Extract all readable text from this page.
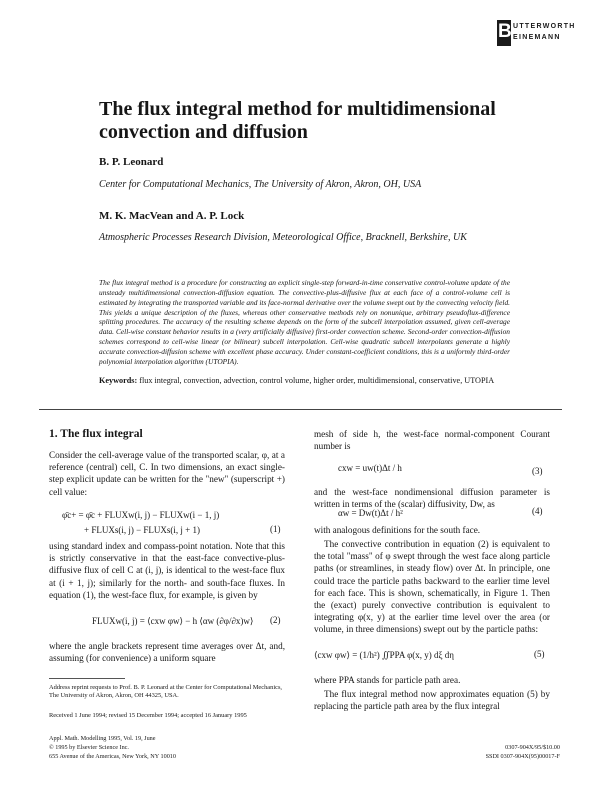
BH
UTTERWORTH
EINEMANN
The flux integral method for multidimensional convection and diffusion
B. P. Leonard
Center for Computational Mechanics, The University of Akron, Akron, OH, USA
M. K. MacVean and A. P. Lock
Atmospheric Processes Research Division, Meteorological Office, Bracknell, Berkshire, UK
The flux integral method is a procedure for constructing an explicit single-step forward-in-time conservative control-volume update of the unsteady multidimensional convection-diffusion equation. The convective-plus-diffusive flux at each face of a control-volume cell is estimated by integrating the transported variable and its face-normal derivative over the volume swept out by the convecting velocity field. This yields a unique description of the fluxes, whereas other conservative methods rely on nonunique, arbitrary pseudoflux-difference splitting procedures. The accuracy of the resulting scheme depends on the form of the subcell interpolation assumed, given cell-average data. Cell-wise constant behavior results in a (very artificially diffusive) first-order convection scheme. Second-order convection-diffusion schemes correspond to cell-wise linear (or bilinear) subcell interpolation. Cell-wise quadratic subcell interpolants generate a highly accurate convection-diffusion scheme with excellent phase accuracy. Under constant-coefficient conditions, this is a uniformly third-order polynomial interpolation algorithm (UTOPIA).
Keywords: flux integral, convection, advection, control volume, higher order, multidimensional, conservative, UTOPIA
1. The flux integral
Consider the cell-average value of the transported scalar, φ, at a reference (central) cell, C. In two dimensions, an exact single-step explicit update can be written for the "new" (superscript +) cell value:
φ̄c+ = φ̄c + FLUXw(i, j) − FLUXw(i − 1, j)
+ FLUXs(i, j) − FLUXs(i, j + 1)	(1)
using standard index and compass-point notation. Note that this is strictly conservative in that the east-face convective-plus-diffusive flux of cell C at (i, j), is identical to the west-face flux at (i + 1, j); similarly for the north- and south-face fluxes. In equation (1), the west-face flux, for example, is given by
FLUXw(i, j) = ⟨cxw φw⟩ − h ⟨αw (∂φ/∂x)w⟩ (2)
where the angle brackets represent time averages over Δt, and, assuming (for convenience) a uniform square
Address reprint requests to Prof. B. P. Leonard at the Center for Computational Mechanics, The University of Akron, Akron, OH 44325, USA.
Received 1 June 1994; revised 15 December 1994; accepted 16 January 1995
mesh of side h, the west-face normal-component Courant number is
cxw = uw(t)Δt / h	(3)
and the west-face nondimensional diffusion parameter is written in terms of the (scalar) diffusivity, Dw, as
αw = Dw(t)Δt / h²	(4)
with analogous definitions for the south face.
The convective contribution in equation (2) is equivalent to the total "mass" of φ swept through the west face along particle paths (or streamlines, in steady flow) over Δt. In principle, one could trace the particle paths backward to the earlier time level for each face. This is shown, schematically, in Figure 1. Then the (exact) purely convective contribution is equivalent to integrating φ(x, y) at the earlier time level over the area (or volume, in three dimensions) swept out by the particle paths:
⟨cxw φw⟩ = (1/h²) ∬PPA φ(x, y) dξ dη	(5)
where PPA stands for particle path area.
The flux integral method now approximates equation (5) by replacing the particle path area by the flux integral
Appl. Math. Modelling 1995, Vol. 19, June
© 1995 by Elsevier Science Inc.
655 Avenue of the Americas, New York, NY 10010
0307-904X/95/$10.00
SSDI 0307-904X(95)00017-F
